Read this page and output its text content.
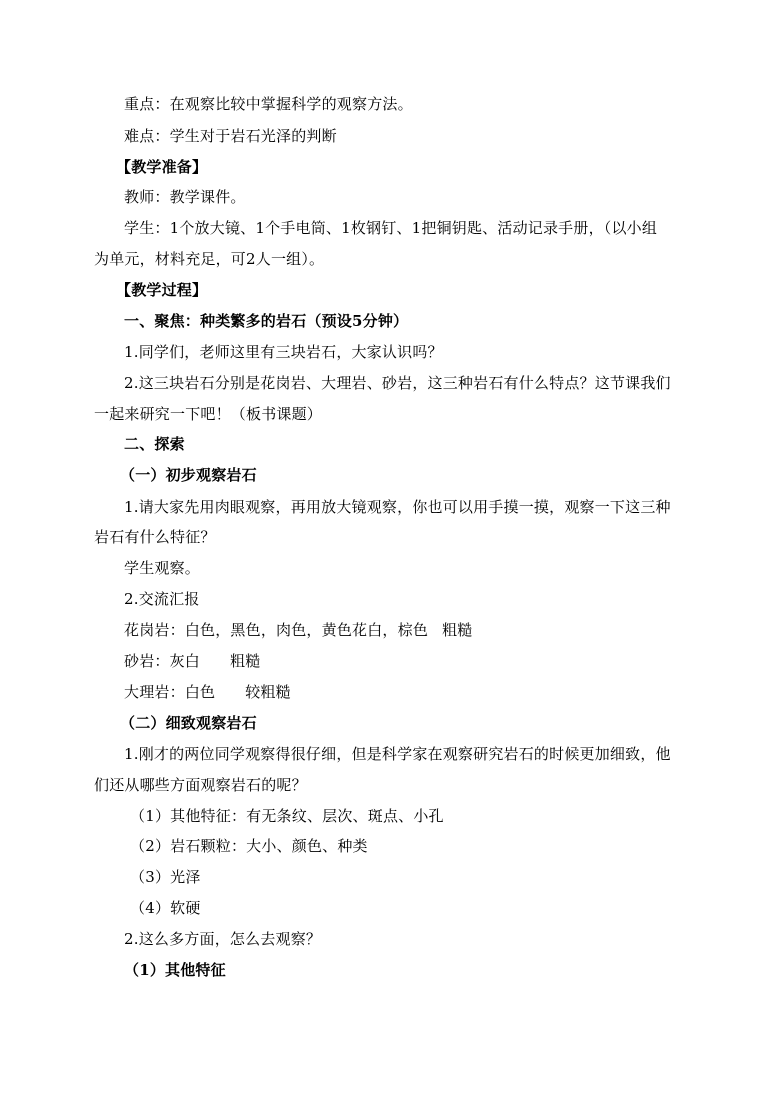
重点：在观察比较中掌握科学的观察方法。
难点：学生对于岩石光泽的判断
【教学准备】
教师：教学课件。
学生：1个放大镜、1个手电筒、1枚钢钉、1把铜钥匙、活动记录手册，（以小组
为单元，材料充足，可2人一组）。
【教学过程】
一、聚焦：种类繁多的岩石（预设5分钟）
1.同学们，老师这里有三块岩石，大家认识吗？
2.这三块岩石分别是花岗岩、大理岩、砂岩，这三种岩石有什么特点？这节课我们
一起来研究一下吧！（板书课题）
二、探索
（一）初步观察岩石
1.请大家先用肉眼观察，再用放大镜观察，你也可以用手摸一摸，观察一下这三种
岩石有什么特征？
学生观察。
2.交流汇报
花岗岩：白色，黑色，肉色，黄色花白，棕色 粗糙
砂岩：灰白 粗糙
大理岩：白色 较粗糙
（二）细致观察岩石
1.刚才的两位同学观察得很仔细，但是科学家在观察研究岩石的时候更加细致，他
们还从哪些方面观察岩石的呢？
（1）其他特征：有无条纹、层次、斑点、小孔
（2）岩石颗粒：大小、颜色、种类
（3）光泽
（4）软硬
2.这么多方面，怎么去观察？
（1）其他特征
